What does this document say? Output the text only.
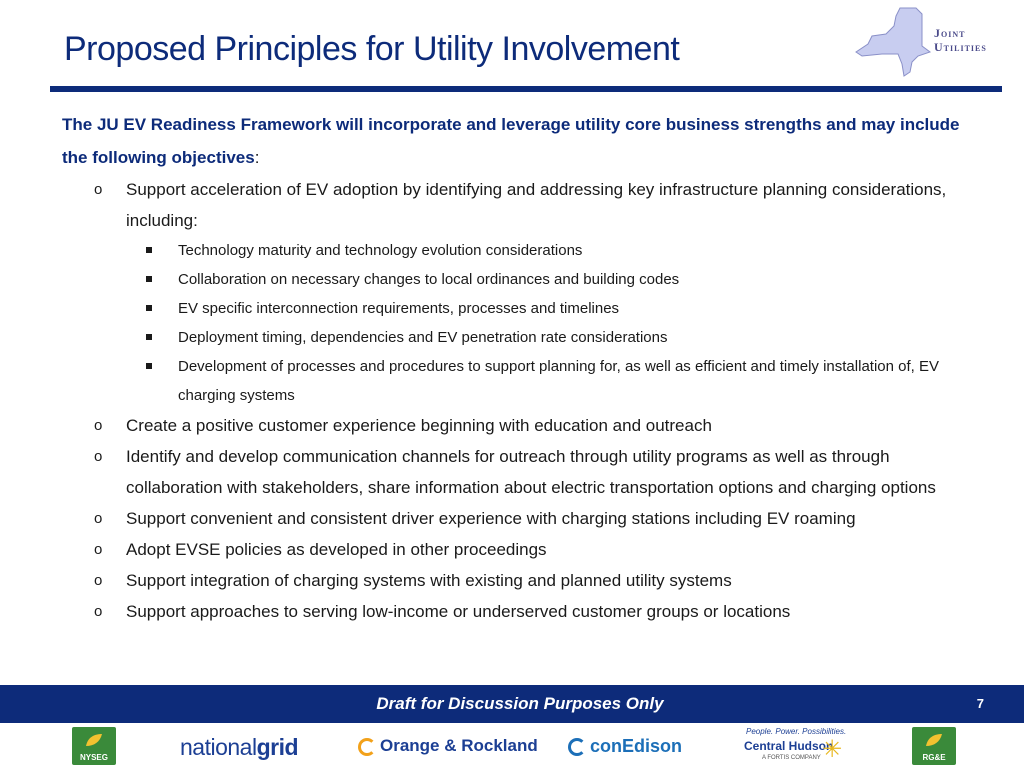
Proposed Principles for Utility Involvement	Joint
Utilities
The JU EV Readiness Framework will incorporate and leverage utility core business strengths and may include the following objectives:
o Support acceleration of EV adoption by identifying and addressing key infrastructure planning considerations, including:
Technology maturity and technology evolution considerations
Collaboration on necessary changes to local ordinances and building codes
EV specific interconnection requirements, processes and timelines
Deployment timing, dependencies and EV penetration rate considerations
Development of processes and procedures to support planning for, as well as efficient and timely installation of, EV charging systems
o Create a positive customer experience beginning with education and outreach
o Identify and develop communication channels for outreach through utility programs as well as through collaboration with stakeholders, share information about electric transportation options and charging options
o Support convenient and consistent driver experience with charging stations including EV roaming
o Adopt EVSE policies as developed in other proceedings
o Support integration of charging systems with existing and planned utility systems
o Support approaches to serving low-income or underserved customer groups or locations
Draft for Discussion Purposes Only	7
NYSEG	nationalgrid	Orange & Rockland	conEdison
People. Power. Possibilities.
Central Hudson
A FORTIS COMPANY ✳	RG&E
